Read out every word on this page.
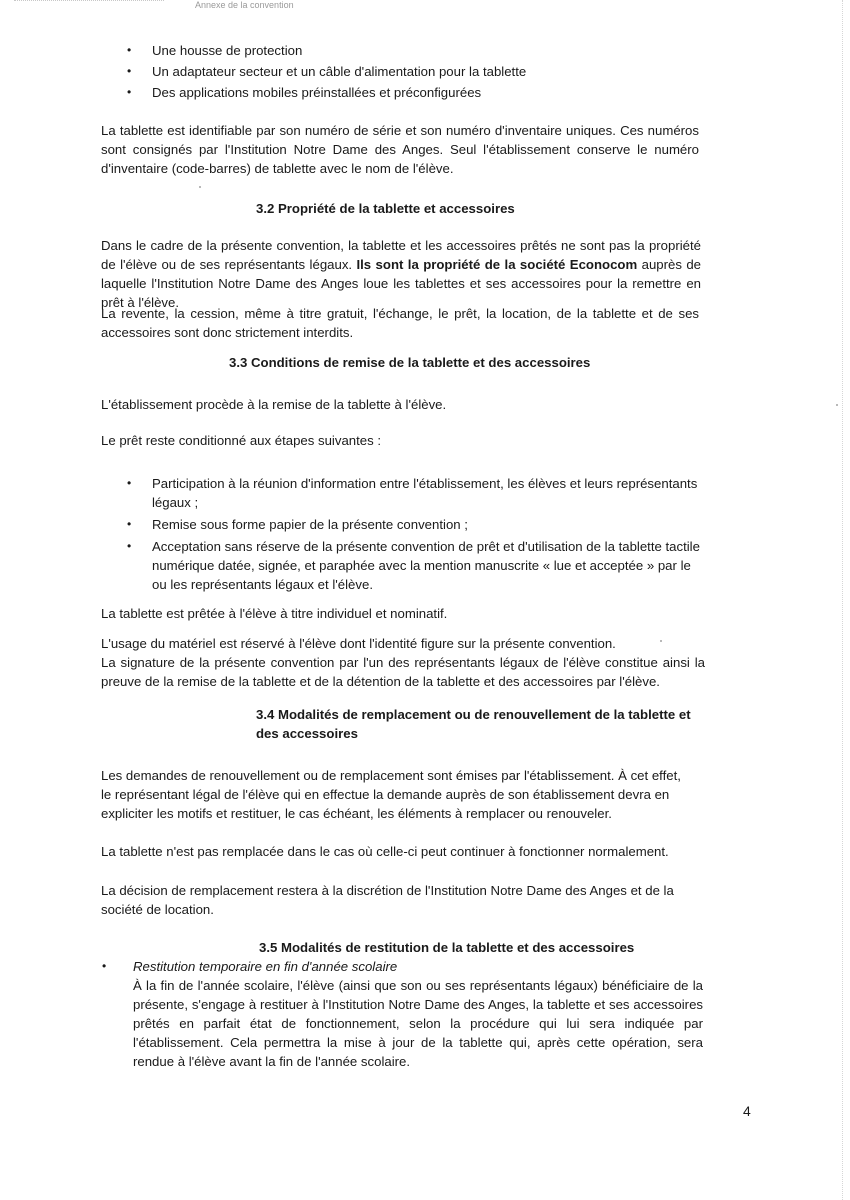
Annexe de la convention
• Une housse de protection
• Un adaptateur secteur et un câble d'alimentation pour la tablette
• Des applications mobiles préinstallées et préconfigurées

La tablette est identifiable par son numéro de série et son numéro d'inventaire uniques. Ces numéros sont consignés par l'Institution Notre Dame des Anges. Seul l'établissement conserve le numéro d'inventaire (code-barres) de tablette avec le nom de l'élève.

3.2 Propriété de la tablette et accessoires

Dans le cadre de la présente convention, la tablette et les accessoires prêtés ne sont pas la propriété de l'élève ou de ses représentants légaux. Ils sont la propriété de la société Econocom auprès de laquelle l'Institution Notre Dame des Anges loue les tablettes et ses accessoires pour la remettre en prêt à l'élève.

La revente, la cession, même à titre gratuit, l'échange, le prêt, la location, de la tablette et de ses accessoires sont donc strictement interdits.

3.3 Conditions de remise de la tablette et des accessoires

L'établissement procède à la remise de la tablette à l'élève.

Le prêt reste conditionné aux étapes suivantes :

• Participation à la réunion d'information entre l'établissement, les élèves et leurs représentants légaux ;
• Remise sous forme papier de la présente convention ;
• Acceptation sans réserve de la présente convention de prêt et d'utilisation de la tablette tactile numérique datée, signée, et paraphée avec la mention manuscrite « lue et acceptée » par le ou les représentants légaux et l'élève.

La tablette est prêtée à l'élève à titre individuel et nominatif.

L'usage du matériel est réservé à l'élève dont l'identité figure sur la présente convention.

La signature de la présente convention par l'un des représentants légaux de l'élève constitue ainsi la preuve de la remise de la tablette et de la détention de la tablette et des accessoires par l'élève.

3.4 Modalités de remplacement ou de renouvellement de la tablette et des accessoires

Les demandes de renouvellement ou de remplacement sont émises par l'établissement. À cet effet, le représentant légal de l'élève qui en effectue la demande auprès de son établissement devra en expliciter les motifs et restituer, le cas échéant, les éléments à remplacer ou renouveler.

La tablette n'est pas remplacée dans le cas où celle-ci peut continuer à fonctionner normalement.

La décision de remplacement restera à la discrétion de l'Institution Notre Dame des Anges et de la société de location.

3.5 Modalités de restitution de la tablette et des accessoires
• Restitution temporaire en fin d'année scolaire

À la fin de l'année scolaire, l'élève (ainsi que son ou ses représentants légaux) bénéficiaire de la présente, s'engage à restituer à l'Institution Notre Dame des Anges, la tablette et ses accessoires prêtés en parfait état de fonctionnement, selon la procédure qui lui sera indiquée par l'établissement. Cela permettra la mise à jour de la tablette qui, après cette opération, sera rendue à l'élève avant la fin de l'année scolaire.

4
